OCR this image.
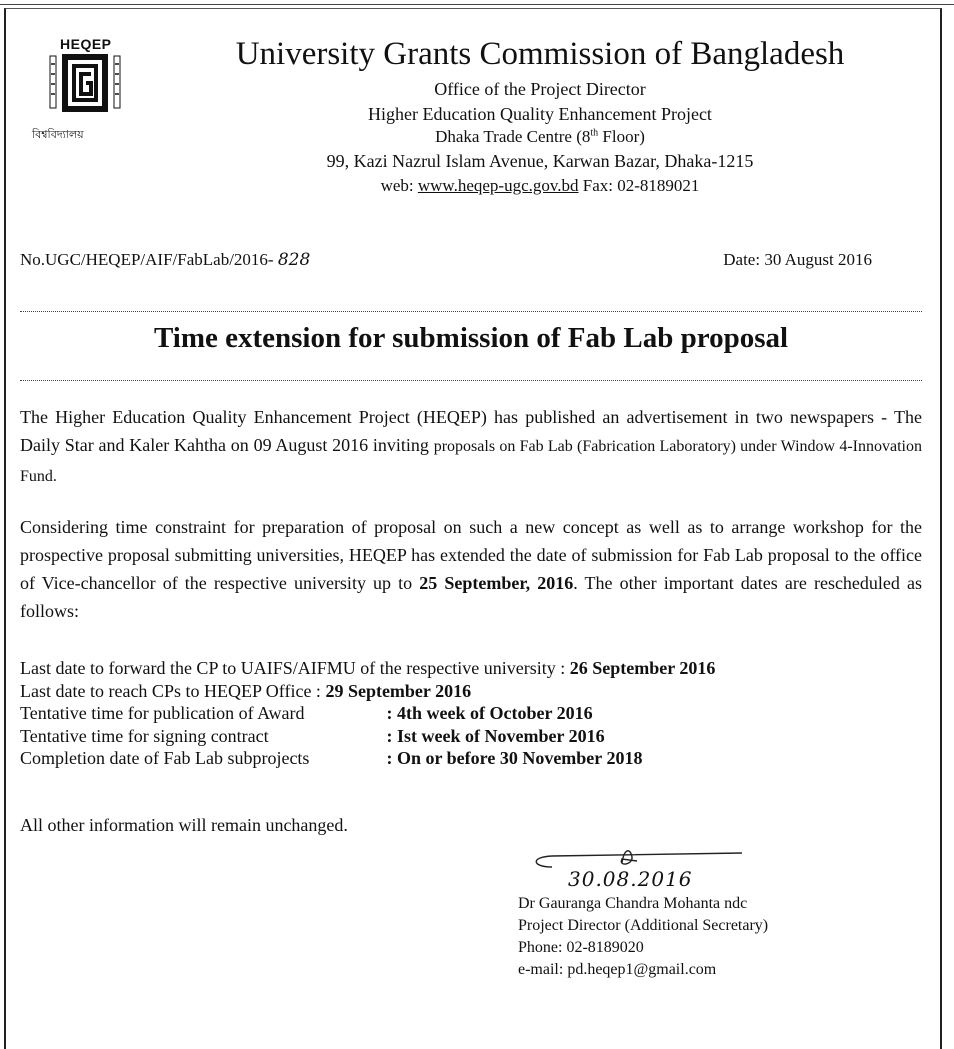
HEQEP
বিশ্ববিদ্যালয়
University Grants Commission of Bangladesh
Office of the Project Director
Higher Education Quality Enhancement Project
Dhaka Trade Centre (8th Floor)
99, Kazi Nazrul Islam Avenue, Karwan Bazar, Dhaka-1215
web: www.heqep-ugc.gov.bd Fax: 02-8189021
No.UGC/HEQEP/AIF/FabLab/2016- 828	Date: 30 August 2016
Time extension for submission of Fab Lab proposal
The Higher Education Quality Enhancement Project (HEQEP) has published an advertisement in two newspapers - The Daily Star and Kaler Kahtha on 09 August 2016 inviting proposals on Fab Lab (Fabrication Laboratory) under Window 4-Innovation Fund.
Considering time constraint for preparation of proposal on such a new concept as well as to arrange workshop for the prospective proposal submitting universities, HEQEP has extended the date of submission for Fab Lab proposal to the office of Vice-chancellor of the respective university up to 25 September, 2016. The other important dates are rescheduled as follows:
Last date to forward the CP to UAIFS/AIFMU of the respective university : 26 September 2016
Last date to reach CPs to HEQEP Office : 29 September 2016
Tentative time for publication of Award	: 4th week of October 2016
Tentative time for signing contract	: Ist week of November 2016
Completion date of Fab Lab subprojects	: On or before 30 November 2018
All other information will remain unchanged.
30.08.2016
Dr Gauranga Chandra Mohanta ndc
Project Director (Additional Secretary)
Phone: 02-8189020
e-mail: pd.heqep1@gmail.com
